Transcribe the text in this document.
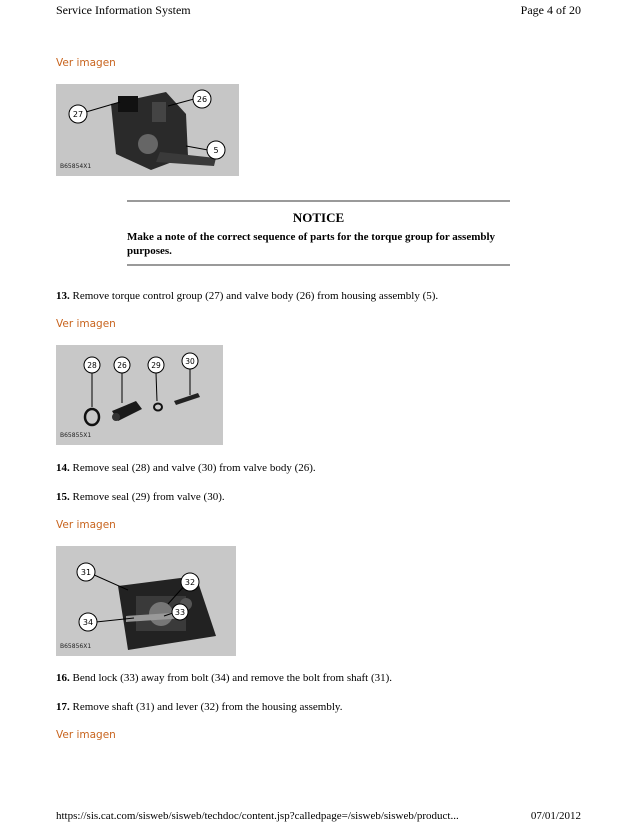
Service Information System	Page 4 of 20
Ver imagen
27
26
5
B65854X1
NOTICE
Make a note of the correct sequence of parts for the torque group for assembly purposes.
13. Remove torque control group (27) and valve body (26) from housing assembly (5).
Ver imagen
28	26	29	30
B65855X1
14. Remove seal (28) and valve (30) from valve body (26).
15. Remove seal (29) from valve (30).
Ver imagen
31
32
33
34
B65856X1
16. Bend lock (33) away from bolt (34) and remove the bolt from shaft (31).
17. Remove shaft (31) and lever (32) from the housing assembly.
Ver imagen
https://sis.cat.com/sisweb/sisweb/techdoc/content.jsp?calledpage=/sisweb/sisweb/product...	07/01/2012
